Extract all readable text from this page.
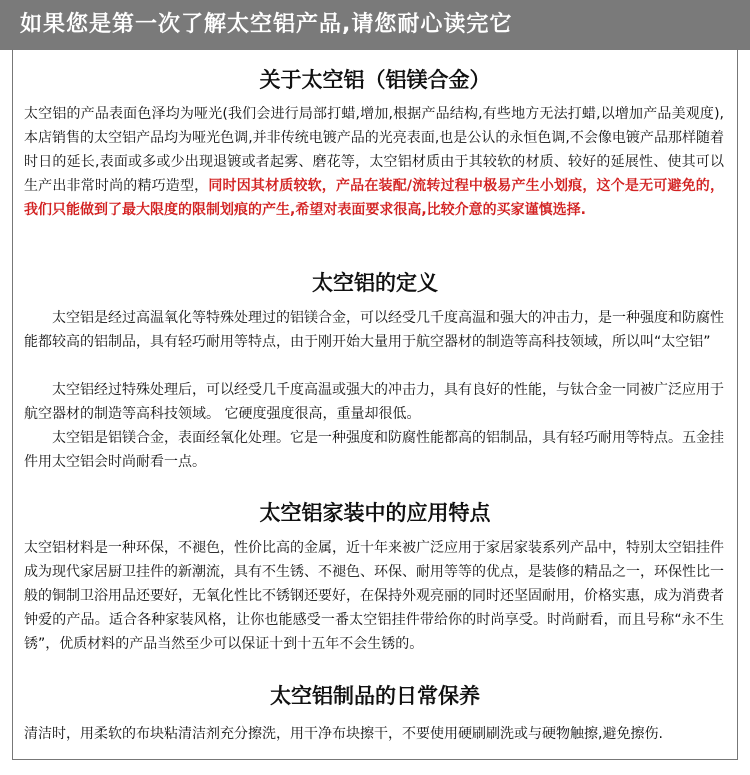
如果您是第一次了解太空铝产品,请您耐心读完它
关于太空铝（铝镁合金）

太空铝的产品表面色泽均为哑光(我们会进行局部打蜡,增加,根据产品结构,有些地方无法打蜡,以增加产品美观度),本店销售的太空铝产品均为哑光色调,并非传统电镀产品的光亮表面,也是公认的永恒色调,不会像电镀产品那样随着时日的延长,表面或多或少出现退镀或者起雾、磨花等，太空铝材质由于其较软的材质、较好的延展性、使其可以生产出非常时尚的精巧造型，同时因其材质较软，产品在装配/流转过程中极易产生小划痕，这个是无可避免的，我们只能做到了最大限度的限制划痕的产生,希望对表面要求很高,比较介意的买家谨慎选择.

太空铝的定义

太空铝是经过高温氧化等特殊处理过的铝镁合金，可以经受几千度高温和强大的冲击力，是一种强度和防腐性能都较高的铝制品，具有轻巧耐用等特点，由于刚开始大量用于航空器材的制造等高科技领域，所以叫“太空铝”

太空铝经过特殊处理后，可以经受几千度高温或强大的冲击力，具有良好的性能，与钛合金一同被广泛应用于航空器材的制造等高科技领域。 它硬度强度很高，重量却很低。

太空铝是铝镁合金，表面经氧化处理。它是一种强度和防腐性能都高的铝制品，具有轻巧耐用等特点。五金挂件用太空铝会时尚耐看一点。

太空铝家装中的应用特点

太空铝材料是一种环保，不褪色，性价比高的金属，近十年来被广泛应用于家居家装系列产品中，特别太空铝挂件成为现代家居厨卫挂件的新潮流，具有不生锈、不褪色、环保、耐用等等的优点，是装修的精品之一，环保性比一般的铜制卫浴用品还要好，无氧化性比不锈钢还要好，在保持外观亮丽的同时还坚固耐用，价格实惠，成为消费者钟爱的产品。适合各种家装风格，让你也能感受一番太空铝挂件带给你的时尚享受。时尚耐看，而且号称“永不生锈”，优质材料的产品当然至少可以保证十到十五年不会生锈的。

太空铝制品的日常保养

清洁时，用柔软的布块粘清洁剂充分擦洗，用干净布块擦干，不要使用硬刷刷洗或与硬物触擦,避免擦伤.
